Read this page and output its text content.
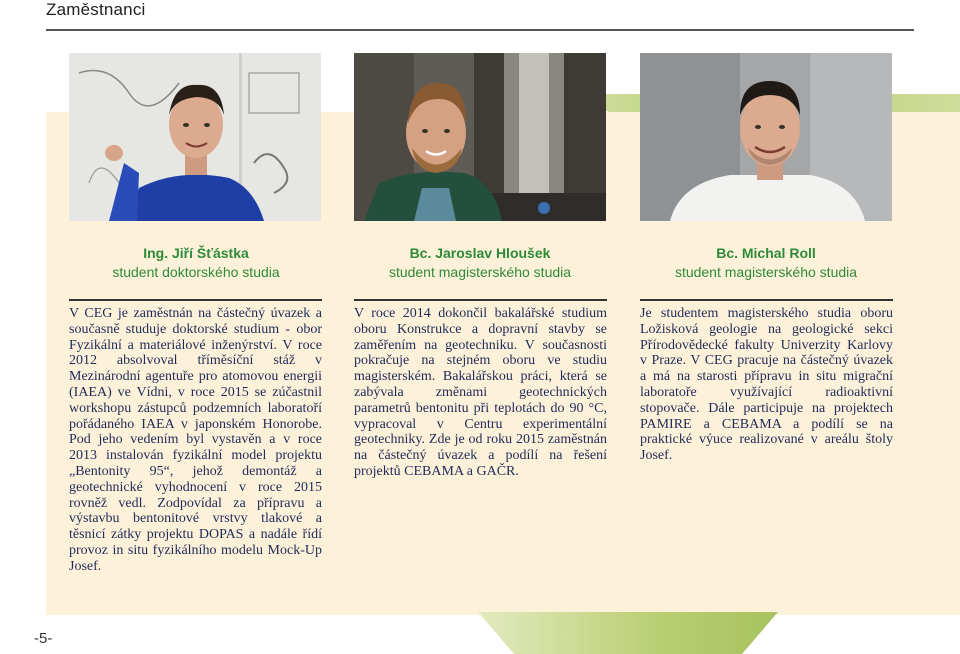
Zaměstnanci
Ing. Jiří Šťástka
student doktorského studia
Bc. Jaroslav Hloušek
student magisterského studia
Bc. Michal Roll
student magisterského studia
V CEG je zaměstnán na částečný úvazek a současně studuje doktorské studium - obor Fyzikální a materiálové inženýrství. V roce 2012 absolvoval tříměsíční stáž v Mezinárodní agentuře pro atomovou energii (IAEA) ve Vídni, v roce 2015 se zúčastnil workshopu zástupců podzemních laboratoří pořádaného IAEA v japonském Honorobe. Pod jeho vedením byl vystavěn a v roce 2013 instalován fyzikální model projektu „Bentonity 95“, jehož demontáž a geotechnické vyhodnocení v roce 2015 rovněž vedl. Zodpovídal za přípravu a výstavbu bentonitové vrstvy tlakové a těsnicí zátky projektu DOPAS a nadále řídí provoz in situ fyzikálního modelu Mock-Up Josef.
V roce 2014 dokončil bakalářské studium oboru Konstrukce a dopravní stavby se zaměřením na geotechniku. V současnosti pokračuje na stejném oboru ve studiu magisterském. Bakalářskou práci, která se zabývala změnami geotechnických parametrů bentonitu při teplotách do 90 °C, vypracoval v Centru experimentální geotechniky. Zde je od roku 2015 zaměstnán na částečný úvazek a podílí na řešení projektů CEBAMA a GAČR.
Je studentem magisterského studia oboru Ložisková geologie na geologické sekci Přírodovědecké fakulty Univerzity Karlovy v Praze. V CEG pracuje na částečný úvazek a má na starosti přípravu in situ migrační laboratoře využívající radioaktivní stopovače. Dále participuje na projektech PAMIRE a CEBAMA a podílí se na praktické výuce realizované v areálu štoly Josef.
-5-
